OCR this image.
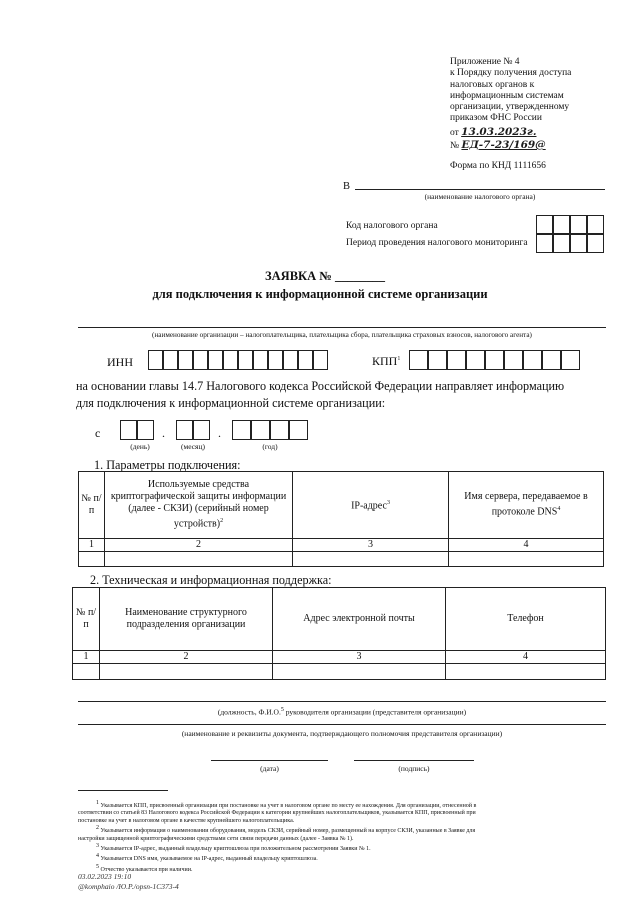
Приложение № 4
к Порядку получения доступа
налоговых органов к
информационным системам
организации, утвержденному
приказом ФНС России
от 13.03.2023г.
№ ЕД-7-23/169@
Форма по КНД 1111656
В
(наименование налогового органа)
Код налогового органа
Период проведения налогового мониторинга
ЗАЯВКА № ________
для подключения к информационной системе организации
(наименование организации – налогоплательщика, плательщика сбора, плательщика страховых взносов, налогового агента)
ИНН	КПП$^1$
на основании главы 14.7 Налогового кодекса Российской Федерации направляет информацию
для подключения к информационной системе организации:
с	.	.
(день)	(месяц)	(год)
1. Параметры подключения:
№ п/п	Используемые средства криптографической защиты информации (далее - СКЗИ) (серийный номер устройств)$^2$	IP-адрес$^3$	Имя сервера, передаваемое в протоколе DNS$^4$
1	2	3	4

2. Техническая и информационная поддержка:
№ п/п	Наименование структурного подразделения организации	Адрес электронной почты	Телефон
1	2	3	4

(должность, Ф.И.О.$^5$ руководителя организации (представителя организации)
(наименование и реквизиты документа, подтверждающего полномочия представителя организации)
(дата)	(подпись)
$^1$ Указывается КПП, присвоенный организации при постановке на учет в налоговом органе по месту ее нахождения. Для организации, отнесенной в
соответствии со статьей 83 Налогового кодекса Российской Федерации к категории крупнейших налогоплательщиков, указывается КПП, присвоенный при
постановке на учет в налоговом органе в качестве крупнейшего налогоплательщика.
$^2$ Указывается информация о наименовании оборудования, модель СКЗИ, серийный номер, размещенный на корпусе СКЗИ, указанные в Заявке для
настройки защищенной криптографическими средствами сети связи передачи данных (далее - Заявка № 1).
$^3$ Указывается IP-адрес, выданный владельцу криптошлюза при положительном рассмотрении Заявки № 1.
$^4$ Указывается DNS имя, указываемое на IP-адрес, выданный владельцу криптошлюза.
$^5$ Отчество указывается при наличии.
03.02.2023 19:10
@komphaio /Ю.Р./opsп-1С373-4
